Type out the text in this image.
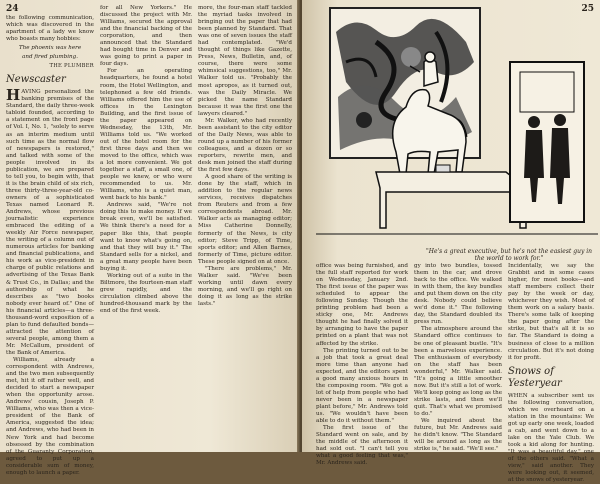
24

the following communication, which was discovered in the apartment of a lady we know who boasts many hobbies:

The phoenix was here
and fired plumbing.
THE PLUMBER
Newscaster

HAVING personalized the banking premises of the Standard, the daily three-week tabloid founded, according to a statement on the front page of Vol. I, No. 1, "solely to serve as an interim medium until such time as the normal flow of newspapers is restored," and talked with some of the people involved in its publication, we are prepared to tell you, to begin with, that it is the brain child of six rich, three thirty-three-year-old co-owners of a sophisticated Texas named Leonard R. Andrews, whose previous journalistic experience embraced the editing of a weekly Air Force newspaper, the writing of a column out of numerous articles for banking and financial publications, and his work as vice-president in charge of public relations and advertising of the Texas Bank & Trust Co., in Dallas; and the authorship of what he describes as "two books nobody ever heard of." One of his financial articles—a three-thousand-word exposition of a plan to fund defaulted bonds—attracted the attention of several people, among them a Mr. McCallum, president of the Bank of America.

Williams, already a correspondent with Andrews, and the two men subsequently met, hit it off rather well, and decided to start a newspaper when the opportunity arose. Andrews' cousin, Joseph P. Williams, who was then a vice-president of the Bank of America, suggested the idea; and Andrews, who had been in New York and had become obsessed by the combination of the Guaranty Corporation, agreed to put up a considerable sum of money, enough to launch a paper.

for all New Yorkers." He discussed the project with Mr. Williams, secured the approval and the financial backing of the corporation, and then announced that the Standard had bought time in Denver and was going to print a paper in four days.

For an operating headquarters, he found a hotel room, the Hotel Wellington, and telephoned a few old friends. Williams offered him the use of offices in the Lexington Building, and the first issue of the paper appeared on Wednesday, the 13th, Mr. Williams told us. "We worked out of the hotel room for the first three days and then we moved to the office, which was a lot more convenient. We got together a staff, a small one, of people we knew, or who were recommended to us. Mr. Williams, who is a quiet man, went back to his bank."

Andrews said, "We're not doing this to make money. If we break even, we'll be satisfied. We think there's a need for a paper like this, that people want to know what's going on, and that they will buy it." The Standard sells for a nickel, and a great many people have been buying it.

Working out of a suite in the Biltmore, the fourteen-man staff grew rapidly, and the circulation climbed above the hundred-thousand mark by the end of the first week.

more, the four-man staff tackled the myriad tasks involved in bringing out the paper that had been planned by Standard. That was one of seven issues the staff had contemplated. "We'd thought of things like Gazette, Press, News, Bulletin, and, of course, there were some whimsical suggestions, too," Mr. Walker told us. "Probably the most apropos, as it turned out, was the Daily Miracle. We picked the name Standard because it was the first one the lawyers cleared."

Mr. Walker, who had recently been assistant to the city editor of the Daily News, was able to round up a number of his former colleagues, and a dozen or so reporters, rewrite men, and desk men joined the staff during the first few days.

A good share of the writing is done by the staff, which in addition to the regular news services, receives dispatches from Reuters and from a few correspondents abroad. Mr. Walker acts as managing editor; Miss Catherine Donnelly, formerly of the News, is city editor; Steve Tripp, of Time, sports editor; and Allen Barnes, formerly of Time, picture editor. These people signed on at once.

"There are problems," Mr. Walker said. "We've been working until dawn every morning, and we'll go right on doing it as long as the strike lasts."

25
"He's a great executive, but he's not the easiest guy in the world to work for."

office was being furnished, and the full staff reported for work on Wednesday, January 2nd. The first issue of the paper was scheduled to appear the following Sunday. Though the printing problem had been a sticky one, Mr. Andrews thought he had finally solved it by arranging to have the paper printed on a plant that was not affected by the strike.

The printing turned out to be a job that took a great deal more time than anyone had expected, and the editors spent a good many anxious hours in the composing room. "We got a lot of help from people who had never been in a newspaper plant before," Mr. Andrews told us. "We wouldn't have been able to do it without them."

The first issue of the Standard went on sale, and by the middle of the afternoon it had sold out. "I can't tell you what a good feeling that was," Mr. Andrews said.

gy into two bundles, tossed them in the car, and drove back to the office. We walked in with them, the key bundles and put them down on the city desk. Nobody could believe we'd done it." The following day, the Standard doubled its press run.

The atmosphere around the Standard office continues to be one of pleasant bustle. "It's been a marvelous experience. The enthusiasm of everybody on the staff has been wonderful," Mr. Walker said. "It's going a little smoother now. But it's still a lot of work. We'll keep going as long as the strike lasts, and then we'll quit. That's what we promised to do."

We inquired about the future, but Mr. Andrews said he didn't know. "The Standard will be around as long as the strike is," he said. "We'll see."

Incidentally, we say the Grabbit and in some cases higher, for most books—and staff members collect their pay by the week or day, whichever they wish. Most of them work on a salary basis. There's some talk of keeping the paper going after the strike, but that's all it is so far. The Standard is doing a business of close to a million circulation. But it's not doing it for profit.

Snows of Yesteryear

WHEN a subscriber sent us the following conversation, which we overheard on a station in the mountains: We got up early one week, loaded a cab, and went down to a lake on the Yale Club. We took a kid along for hunting. "It was a beautiful day," one of the others said. "What a view," said another. They were looking out, it seemed, at the snows of yesteryear.
